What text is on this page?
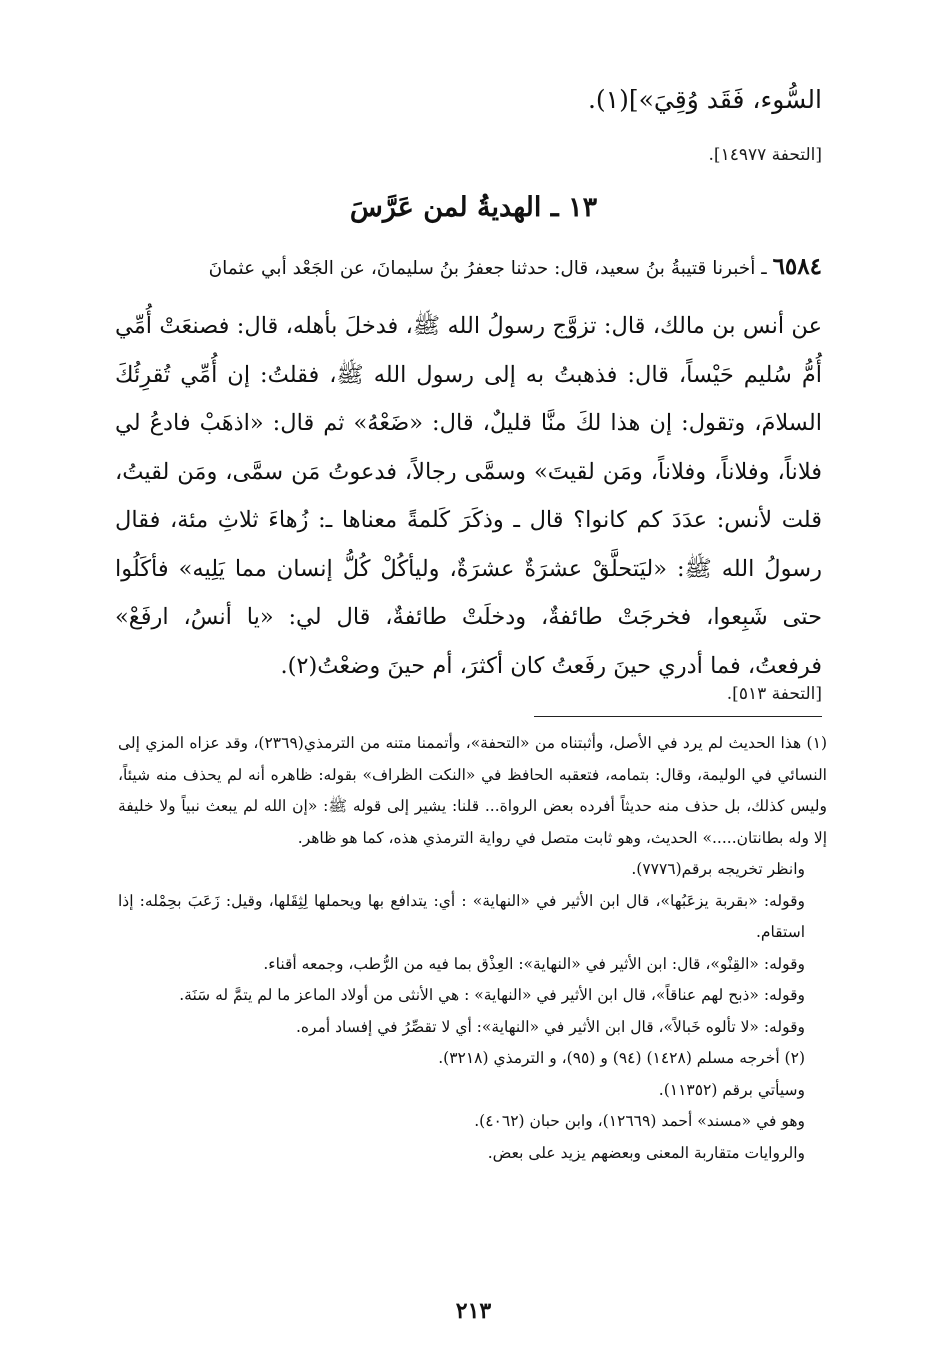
السُّوء، فَقَد وُقِيَ»](١).
[التحفة ١٤٩٧٧].
١٣ ـ الهديةُ لمن عَرَّسَ
٦٥٨٤ ـ أخبرنا قتيبةُ بنُ سعيد، قال: حدثنا جعفرُ بنُ سليمانَ، عن الجَعْد أبي عثمانَ
عن أنس بن مالك، قال: تزوَّج رسولُ الله ﷺ، فدخلَ بأهله، قال: فصنعَتْ أُمِّي أُمُّ سُليم حَيْساً، قال: فذهبتُ به إلى رسول الله ﷺ، فقلتُ: إن أُمِّي تُقرِئُكَ السلامَ، وتقول: إن هذا لكَ منَّا قليلٌ، قال: «ضَعْهُ» ثم قال: «اذهَبْ فادعُ لي فلاناً، وفلاناً، وفلاناً، ومَن لقيتَ» وسمَّى رجالاً، فدعوتُ مَن سمَّى، ومَن لقيتُ، قلت لأنس: عدَدَ كم كانوا؟ قال ـ وذكَرَ كَلمةً معناها ـ: زُهاءَ ثلاثِ مئة، فقال رسولُ الله ﷺ: «ليَتحلَّقْ عشرَةٌ عشرَةٌ، وليأكُلْ كُلُّ إنسان مما يَلِيه» فأكَلُوا حتى شَبِعوا، فخرجَتْ طائفةٌ، ودخلَتْ طائفةٌ، قال لي: «يا أنسُ، ارفَعْ» فرفعتُ، فما أدري حينَ رفَعتُ كان أكثرَ، أم حينَ وضعْتُ(٢).
[التحفة ٥١٣].

(١) هذا الحديث لم يرد في الأصل، وأثبتناه من «التحفة»، وأتممنا متنه من الترمذي(٢٣٦٩)، وقد عزاه المزي إلى النسائي في الوليمة، وقال: بتمامه، فتعقبه الحافظ في «النكت الظراف» بقوله: ظاهره أنه لم يحذف منه شيئاً، وليس كذلك، بل حذف منه حديثاً أفرده بعض الرواة... قلنا: يشير إلى قوله ﷺ: «إن الله لم يبعث نبياً ولا خليفة إلا وله بطانتان.....» الحديث، وهو ثابت متصل في رواية الترمذي هذه، كما هو ظاهر.

وانظر تخريجه برقم(٧٧٧٦).

وقوله: «بقربة يزعَبُها»، قال ابن الأثير في «النهاية» : أي: يتدافع بها ويحملها لِثِقَلها، وقيل: زَعَبَ بحِمْله: إذا استقام.

وقوله: «القِنْو»، قال: ابن الأثير في «النهاية»: العِذْق بما فيه من الرُّطب، وجمعه أقناء.

وقوله: «ذبح لهم عناقاً»، قال ابن الأثير في «النهاية» : هي الأنثى من أولاد الماعز ما لم يتمَّ له سَنَة.

وقوله: «لا تألوه خَبالاً»، قال ابن الأثير في «النهاية»: أي لا تقصِّرُ في إفساد أمره.

(٢) أخرجه مسلم (١٤٢٨) (٩٤) و (٩٥)، و الترمذي (٣٢١٨).

وسيأتي برقم (١١٣٥٢).

وهو في «مسند» أحمد (١٢٦٦٩)، وابن حبان (٤٠٦٢).

والروايات متقاربة المعنى وبعضهم يزيد على بعض.

٢١٣
